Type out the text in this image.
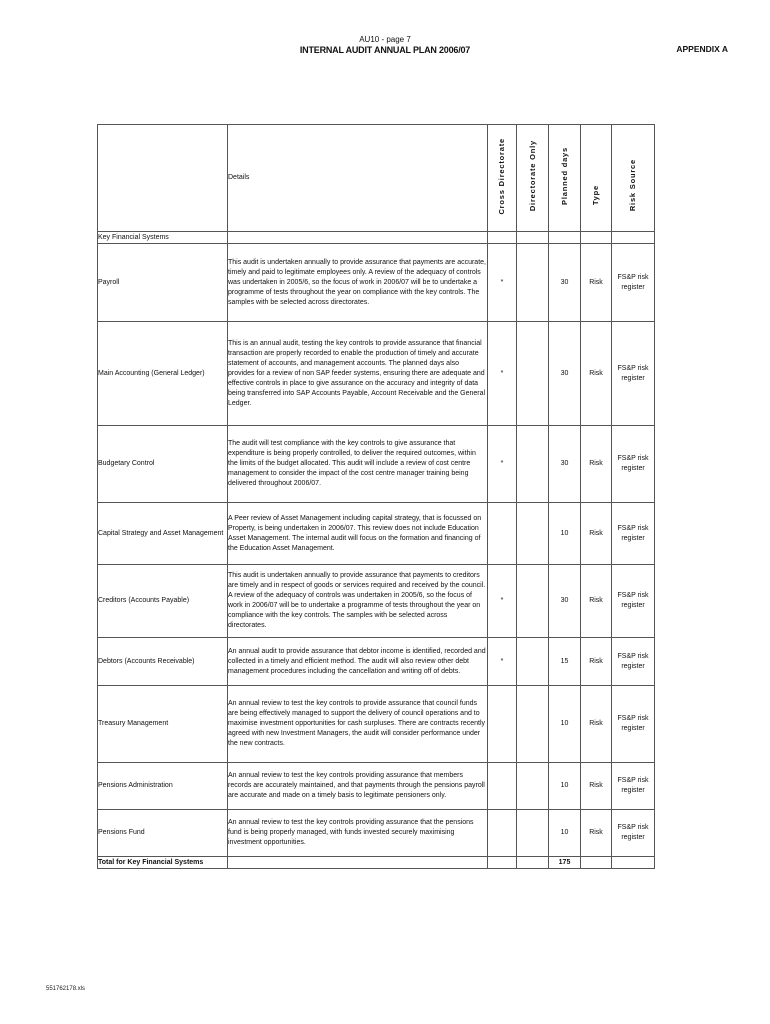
AU10 - page 7
INTERNAL AUDIT ANNUAL PLAN 2006/07	APPENDIX A
	Details	Cross Directorate	Directorate Only	Planned days	Type	Risk Source
Key Financial Systems						
Payroll	This audit is undertaken annually to provide assurance that payments are accurate, timely and paid to legitimate employees only. A review of the adequacy of controls was undertaken in 2005/6, so the focus of work in 2006/07 will be to undertake a programme of tests throughout the year on compliance with the key controls. The samples with be selected across directorates.	*		30	Risk	FS&P risk register
Main Accounting (General Ledger)	This is an annual audit, testing the key controls to provide assurance that financial transaction are properly recorded to enable the production of timely and accurate statement of accounts, and management accounts. The planned days also provides for a review of non SAP feeder systems, ensuring there are adequate and effective controls in place to give assurance on the accuracy and integrity of data being transferred into SAP Accounts Payable, Account Receivable and the General Ledger.	*		30	Risk	FS&P risk register
Budgetary Control	The audit will test compliance with the key controls to give assurance that expenditure is being properly controlled, to deliver the required outcomes, within the limits of the budget allocated. This audit will include a review of cost centre management to consider the impact of the cost centre manager training being delivered throughout 2006/07.	*		30	Risk	FS&P risk register
Capital Strategy and Asset Management	A Peer review of Asset Management including capital strategy, that is focussed on Property, is being undertaken in 2006/07. This review does not include Education Asset Management. The internal audit will focus on the formation and financing of the Education Asset Management.			10	Risk	FS&P risk register
Creditors (Accounts Payable)	This audit is undertaken annually to provide assurance that payments to creditors are timely and in respect of goods or services required and received by the council. A review of the adequacy of controls was undertaken in 2005/6, so the focus of work in 2006/07 will be to undertake a programme of tests throughout the year on compliance with the key controls. The samples with be selected across directorates.	*		30	Risk	FS&P risk register
Debtors (Accounts Receivable)	An annual audit to provide assurance that debtor income is identified, recorded and collected in a timely and efficient method. The audit will also review other debt management procedures including the cancellation and writing off of debts.	*		15	Risk	FS&P risk register
Treasury Management	An annual review to test the key controls to provide assurance that council funds are being effectively managed to support the delivery of council operations and to maximise investment opportunities for cash surpluses. There are contracts recently agreed with new Investment Managers, the audit will consider performance under the new contracts.			10	Risk	FS&P risk register
Pensions Administration	An annual review to test the key controls providing assurance that members records are accurately maintained, and that payments through the pensions payroll are accurate and made on a timely basis to legitimate pensioners only.			10	Risk	FS&P risk register
Pensions Fund	An annual review to test the key controls providing assurance that the pensions fund is being properly managed, with funds invested securely maximising investment opportunities.			10	Risk	FS&P risk register
Total for Key Financial Systems				175		
551762178.xls
